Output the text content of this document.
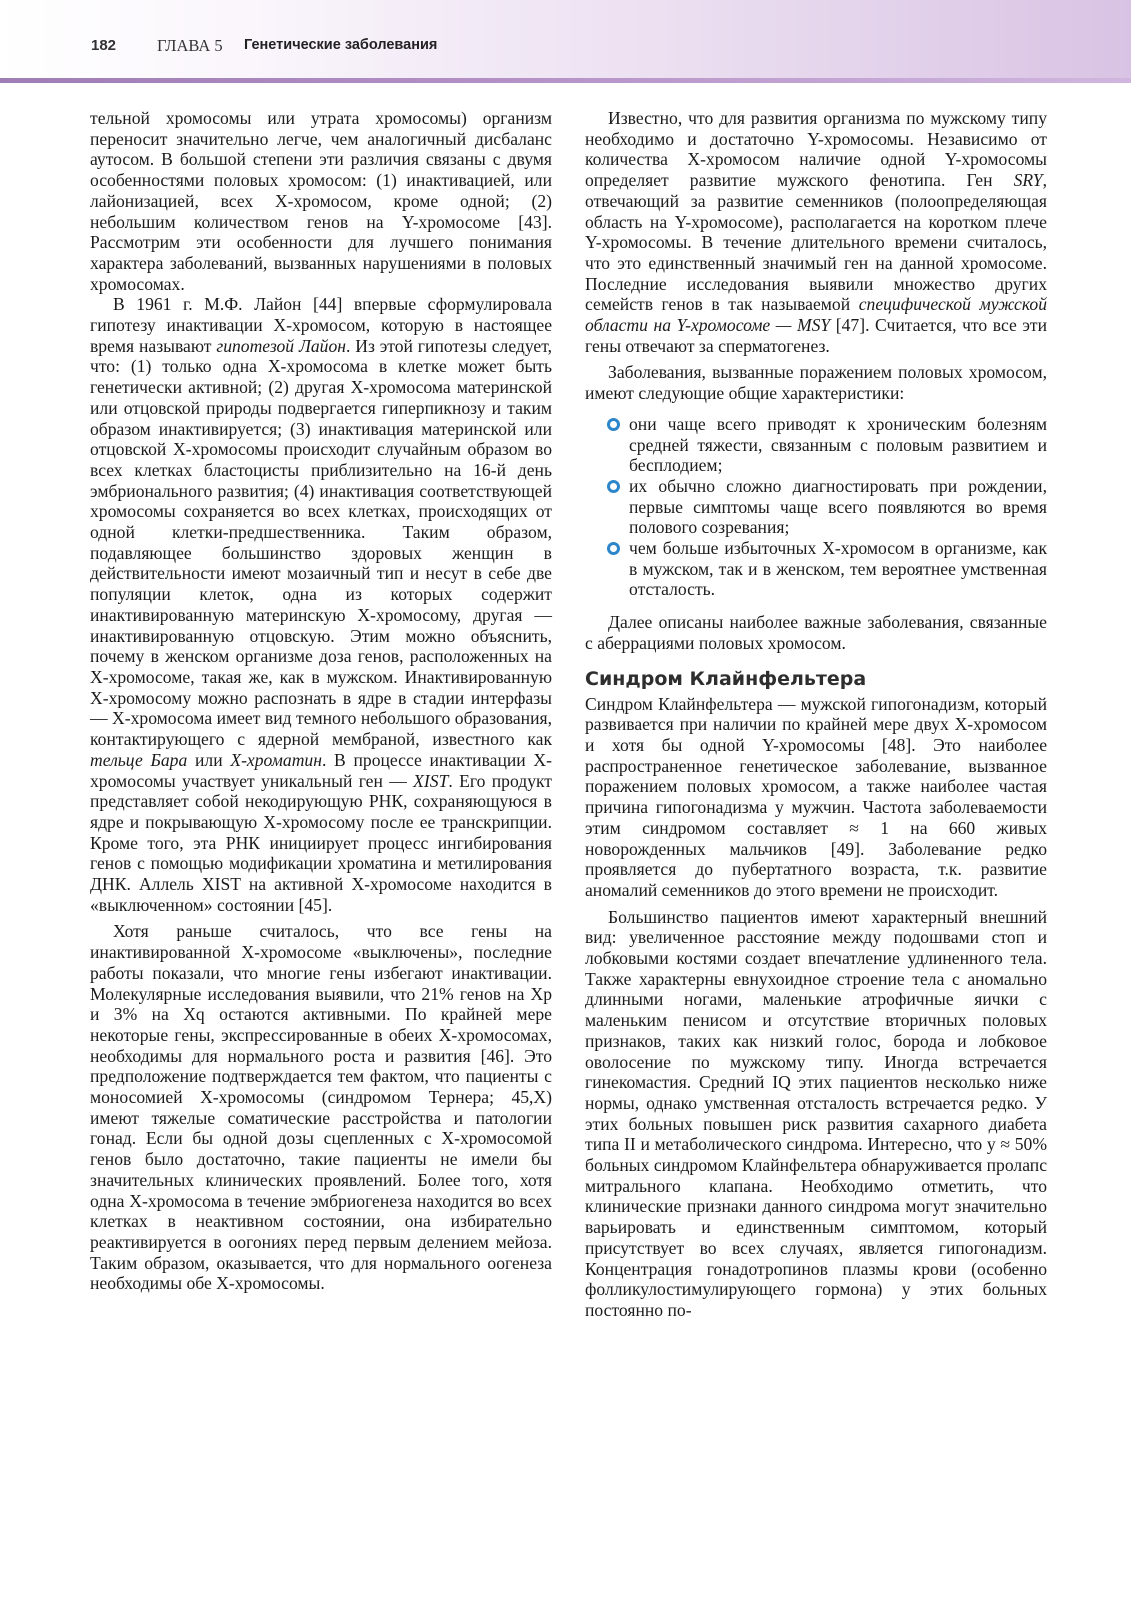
182 ГЛАВА 5 Генетические заболевания

тельной хромосомы или утрата хромосомы) организм переносит значительно легче, чем аналогичный дисбаланс аутосом. В большой степени эти различия связаны с двумя особенностями половых хромосом: (1) инактивацией, или лайонизацией, всех X-хромосом, кроме одной; (2) небольшим количеством генов на Y-хромосоме [43]. Рассмотрим эти особенности для лучшего понимания характера заболеваний, вызванных нарушениями в половых хромосомах.

В 1961 г. М.Ф. Лайон [44] впервые сформулировала гипотезу инактивации X-хромосом, которую в настоящее время называют гипотезой Лайон. Из этой гипотезы следует, что: (1) только одна X-хромосома в клетке может быть генетически активной; (2) другая X-хромосома материнской или отцовской природы подвергается гиперпикнозу и таким образом инактивируется; (3) инактивация материнской или отцовской X-хромосомы происходит случайным образом во всех клетках бластоцисты приблизительно на 16-й день эмбрионального развития; (4) инактивация соответствующей хромосомы сохраняется во всех клетках, происходящих от одной клетки-предшественника. Таким образом, подавляющее большинство здоровых женщин в действительности имеют мозаичный тип и несут в себе две популяции клеток, одна из которых содержит инактивированную материнскую X-хромосому, другая — инактивированную отцовскую. Этим можно объяснить, почему в женском организме доза генов, расположенных на X-хромосоме, такая же, как в мужском. Инактивированную X-хромосому можно распознать в ядре в стадии интерфазы — X-хромосома имеет вид темного небольшого образования, контактирующего с ядерной мембраной, известного как тельце Бара или X-хроматин. В процессе инактивации X-хромосомы участвует уникальный ген — XIST. Его продукт представляет собой некодирующую РНК, сохраняющуюся в ядре и покрывающую X-хромосому после ее транскрипции. Кроме того, эта РНК инициирует процесс ингибирования генов с помощью модификации хроматина и метилирования ДНК. Аллель XIST на активной X-хромосоме находится в «выключенном» состоянии [45].

Хотя раньше считалось, что все гены на инактивированной X-хромосоме «выключены», последние работы показали, что многие гены избегают инактивации. Молекулярные исследования выявили, что 21% генов на Xp и 3% на Xq остаются активными. По крайней мере некоторые гены, экспрессированные в обеих X-хромосомах, необходимы для нормального роста и развития [46]. Это предположение подтверждается тем фактом, что пациенты с моносомией X-хромосомы (синдромом Тернера; 45,X) имеют тяжелые соматические расстройства и патологии гонад. Если бы одной дозы сцепленных с X-хромосомой генов было достаточно, такие пациенты не имели бы значительных клинических проявлений. Более того, хотя одна X-хромосома в течение эмбриогенеза находится во всех клетках в неактивном состоянии, она избирательно реактивируется в оогониях перед первым делением мейоза. Таким образом, оказывается, что для нормального оогенеза необходимы обе X-хромосомы.

Известно, что для развития организма по мужскому типу необходимо и достаточно Y-хромосомы. Независимо от количества X-хромосом наличие одной Y-хромосомы определяет развитие мужского фенотипа. Ген SRY, отвечающий за развитие семенников (полоопределяющая область на Y-хромосоме), располагается на коротком плече Y-хромосомы. В течение длительного времени считалось, что это единственный значимый ген на данной хромосоме. Последние исследования выявили множество других семейств генов в так называемой специфической мужской области на Y-хромосоме — MSY [47]. Считается, что все эти гены отвечают за сперматогенез.

Заболевания, вызванные поражением половых хромосом, имеют следующие общие характеристики:

они чаще всего приводят к хроническим болезням средней тяжести, связанным с половым развитием и бесплодием;
их обычно сложно диагностировать при рождении, первые симптомы чаще всего появляются во время полового созревания;
чем больше избыточных X-хромосом в организме, как в мужском, так и в женском, тем вероятнее умственная отсталость.

Далее описаны наиболее важные заболевания, связанные с аберрациями половых хромосом.

Синдром Клайнфельтера

Синдром Клайнфельтера — мужской гипогонадизм, который развивается при наличии по крайней мере двух X-хромосом и хотя бы одной Y-хромосомы [48]. Это наиболее распространенное генетическое заболевание, вызванное поражением половых хромосом, а также наиболее частая причина гипогонадизма у мужчин. Частота заболеваемости этим синдромом составляет ≈ 1 на 660 живых новорожденных мальчиков [49]. Заболевание редко проявляется до пубертатного возраста, т.к. развитие аномалий семенников до этого времени не происходит.

Большинство пациентов имеют характерный внешний вид: увеличенное расстояние между подошвами стоп и лобковыми костями создает впечатление удлиненного тела. Также характерны евнухоидное строение тела с аномально длинными ногами, маленькие атрофичные яички с маленьким пенисом и отсутствие вторичных половых признаков, таких как низкий голос, борода и лобковое оволосение по мужскому типу. Иногда встречается гинекомастия. Средний IQ этих пациентов несколько ниже нормы, однако умственная отсталость встречается редко. У этих больных повышен риск развития сахарного диабета типа II и метаболического синдрома. Интересно, что у ≈ 50% больных синдромом Клайнфельтера обнаруживается пролапс митрального клапана. Необходимо отметить, что клинические признаки данного синдрома могут значительно варьировать и единственным симптомом, который присутствует во всех случаях, является гипогонадизм. Концентрация гонадотропинов плазмы крови (особенно фолликулостимулирующего гормона) у этих больных постоянно по-
